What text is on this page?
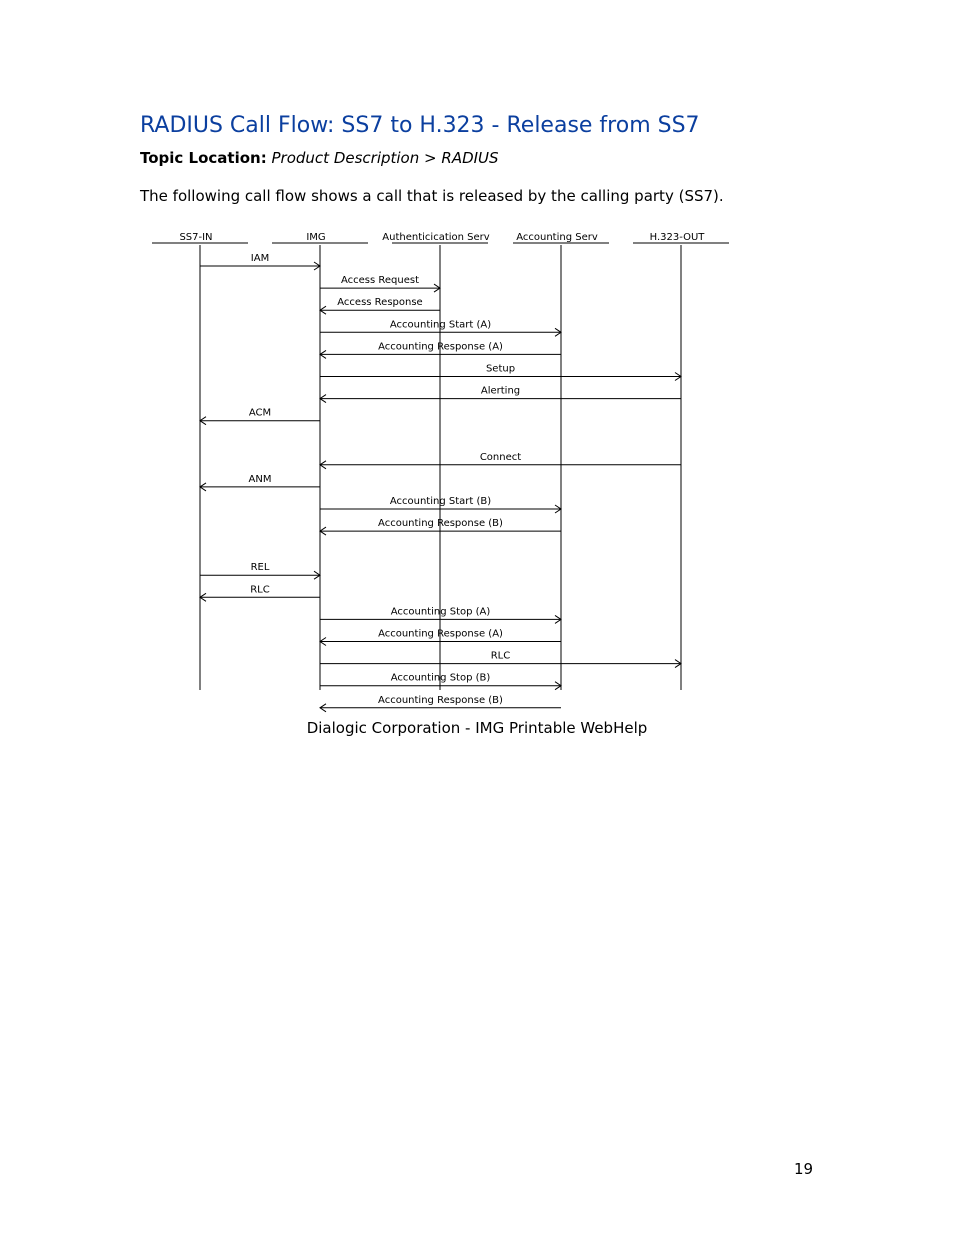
RADIUS Call Flow: SS7 to H.323 - Release from SS7
Topic Location: Product Description > RADIUS
The following call flow shows a call that is released by the calling party (SS7).
SS7-IN	IMG	Authenticication Serv	Accounting Serv	H.323-OUT
IAM
Access Request
Access Response
Accounting Start (A)
Accounting Response (A)
Setup
Alerting
ACM
Connect
ANM
Accounting Start (B)
Accounting Response (B)
REL
RLC
Accounting Stop (A)
Accounting Response (A)
RLC
Accounting Stop (B)
Accounting Response (B)
Dialogic Corporation - IMG Printable WebHelp
19
